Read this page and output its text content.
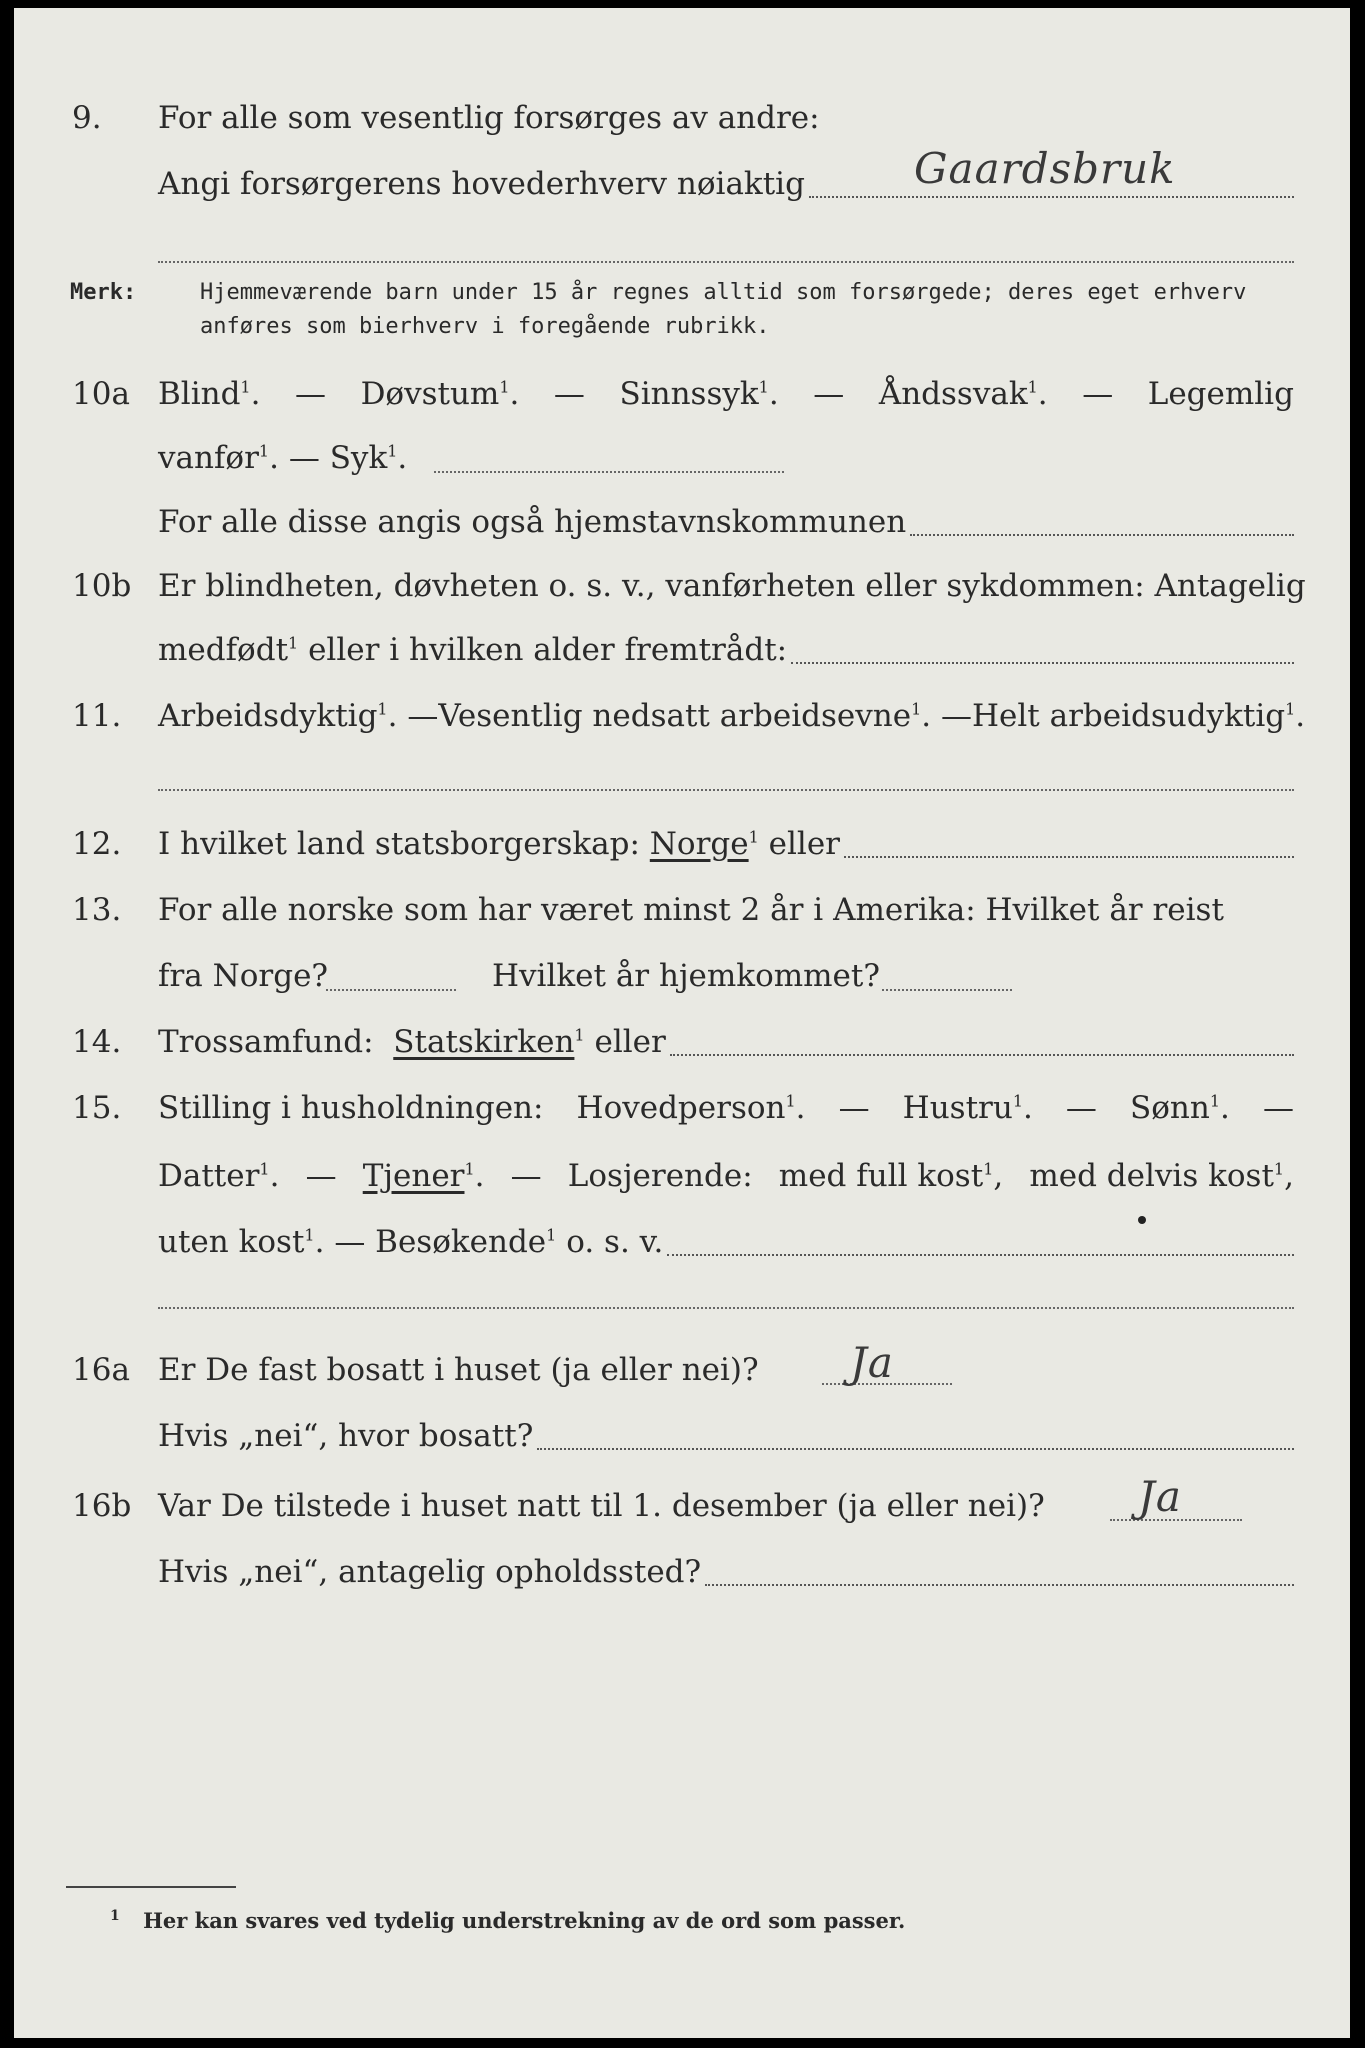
9. For alle som vesentlig forsørges av andre:
Angi forsørgerens hovederhverv nøiaktig	Gaardsbruk
Merk:	Hjemmeværende barn under 15 år regnes alltid som forsørgede; deres eget erhverv
anføres som bierhverv i foregående rubrikk.
10a Blind$^1$. — Døvstum$^1$. — Sinnssyk$^1$. — Åndssvak$^1$. — Legemlig
vanfør$^1$. — Syk$^1$.
For alle disse angis også hjemstavnskommunen
10b Er blindheten, døvheten o. s. v., vanførheten eller sykdommen: Antagelig
medfødt$^1$ eller i hvilken alder fremtrådt:
11. Arbeidsdyktig$^1$. — Vesentlig nedsatt arbeidsevne$^1$. — Helt arbeidsudyktig$^1$.
12. I hvilket land statsborgerskap: Norge$^1$ eller
13. For alle norske som har været minst 2 år i Amerika: Hvilket år reist
fra Norge?	Hvilket år hjemkommet?
14. Trossamfund: Statskirken$^1$ eller
15. Stilling i husholdningen: Hovedperson$^1$. — Hustru$^1$. — Sønn$^1$. —
Datter$^1$. — Tjener$^1$. — Losjerende: med full kost$^1$, med delvis kost$^1$,
uten kost$^1$. — Besøkende$^1$ o. s. v.
16a Er De fast bosatt i huset (ja eller nei)? Ja
Hvis „nei“, hvor bosatt?
16b Var De tilstede i huset natt til 1. desember (ja eller nei)? Ja
Hvis „nei“, antagelig opholdssted?
$^1$ Her kan svares ved tydelig understrekning av de ord som passer.
